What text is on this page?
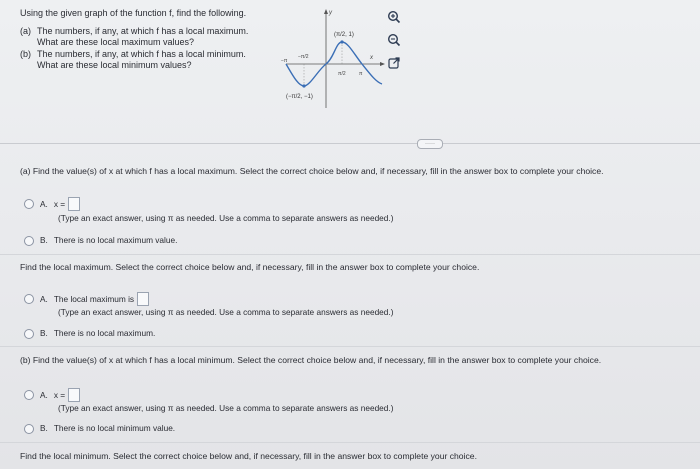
Using the given graph of the function f, find the following.
(a) The numbers, if any, at which f has a local maximum. What are these local maximum values?
(b) The numbers, if any, at which f has a local minimum. What are these local minimum values?
y
x
−π
−π/2
π/2	π
(π/2, 1)
(−π/2, −1)
·····
(a) Find the value(s) of x at which f has a local maximum. Select the correct choice below and, if necessary, fill in the answer box to complete your choice.
A. x =
(Type an exact answer, using π as needed. Use a comma to separate answers as needed.)
B. There is no local maximum value.
Find the local maximum. Select the correct choice below and, if necessary, fill in the answer box to complete your choice.
A. The local maximum is
(Type an exact answer, using π as needed. Use a comma to separate answers as needed.)
B. There is no local maximum.
(b) Find the value(s) of x at which f has a local minimum. Select the correct choice below and, if necessary, fill in the answer box to complete your choice.
A. x =
(Type an exact answer, using π as needed. Use a comma to separate answers as needed.)
B. There is no local minimum value.
Find the local minimum. Select the correct choice below and, if necessary, fill in the answer box to complete your choice.
